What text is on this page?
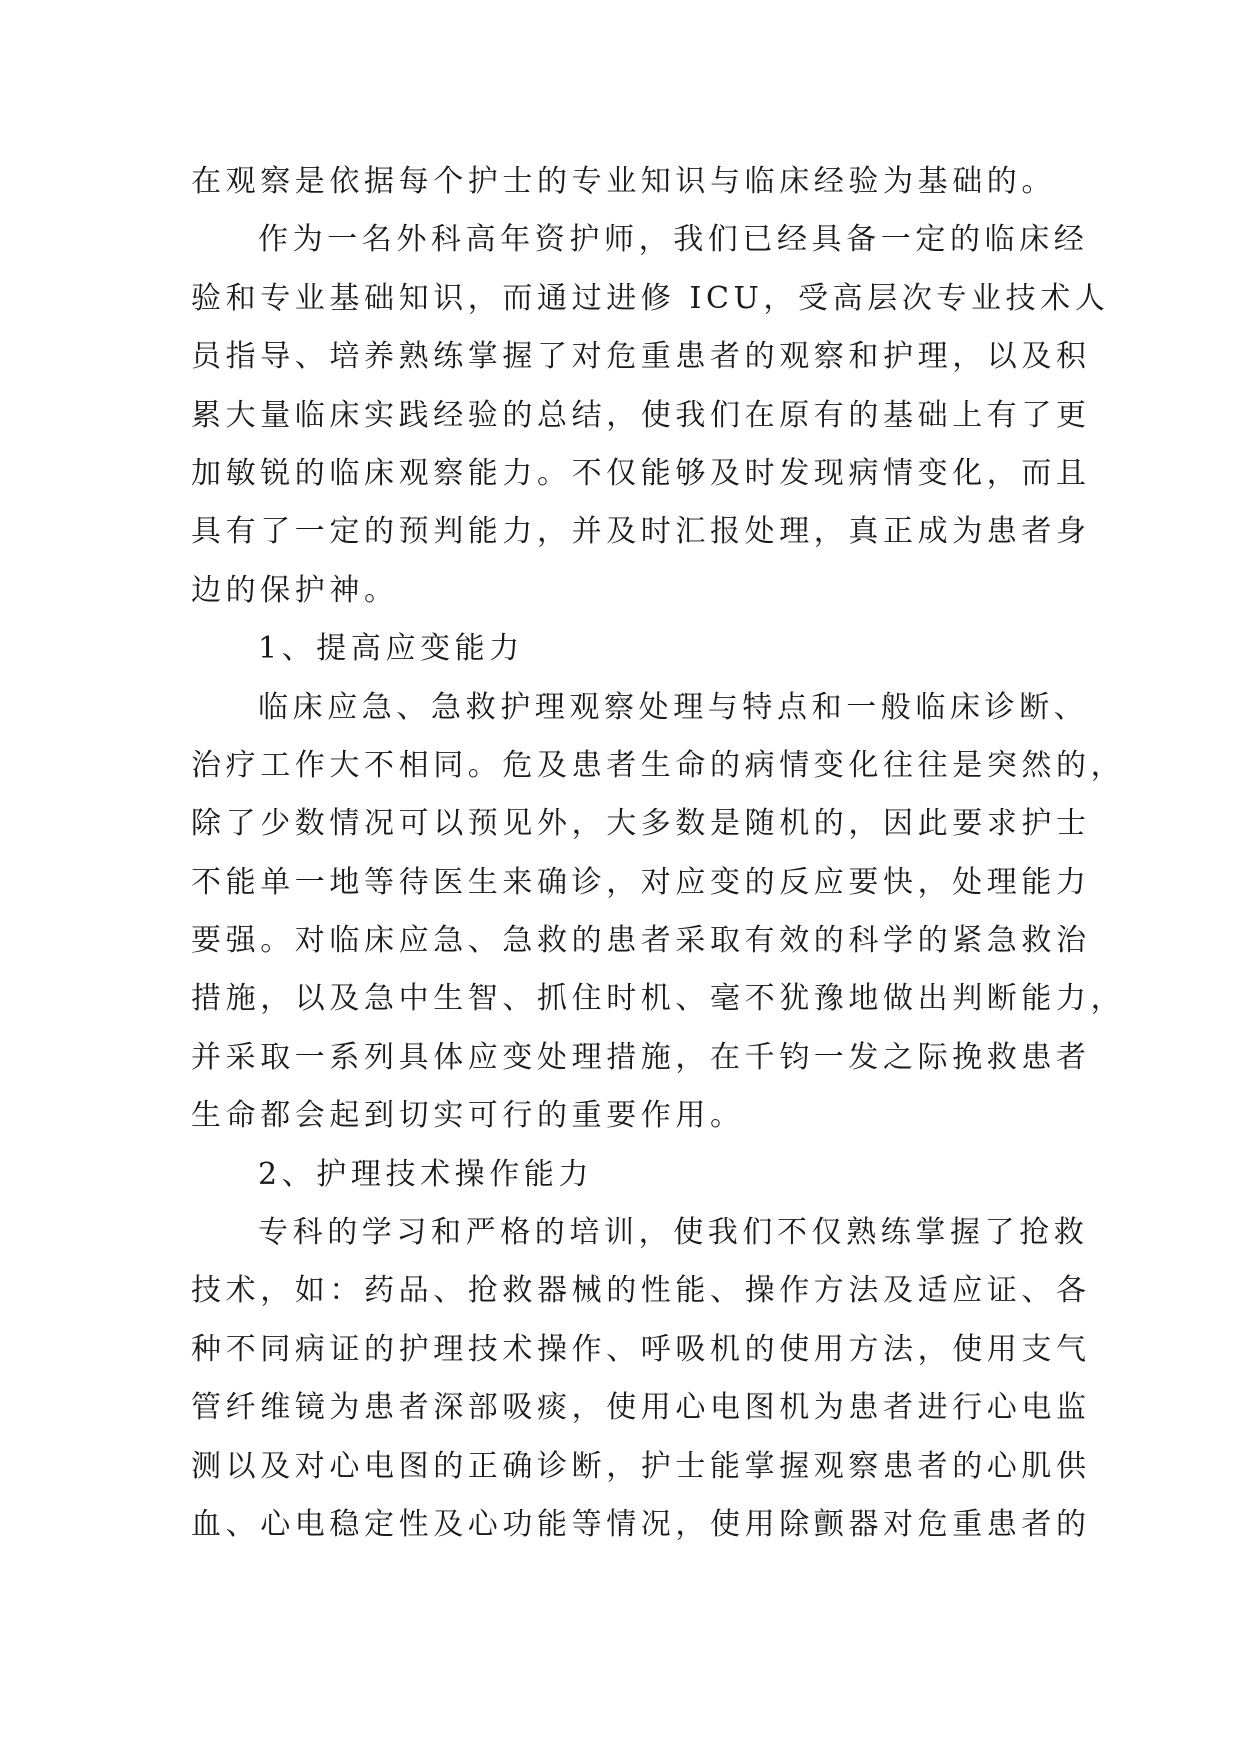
在观察是依据每个护士的专业知识与临床经验为基础的。
作为一名外科高年资护师，我们已经具备一定的临床经
验和专业基础知识，而通过进修 ICU，受高层次专业技术人
员指导、培养熟练掌握了对危重患者的观察和护理，以及积
累大量临床实践经验的总结，使我们在原有的基础上有了更
加敏锐的临床观察能力。不仅能够及时发现病情变化，而且
具有了一定的预判能力，并及时汇报处理，真正成为患者身
边的保护神。
1、提高应变能力
临床应急、急救护理观察处理与特点和一般临床诊断、
治疗工作大不相同。危及患者生命的病情变化往往是突然的，
除了少数情况可以预见外，大多数是随机的，因此要求护士
不能单一地等待医生来确诊，对应变的反应要快，处理能力
要强。对临床应急、急救的患者采取有效的科学的紧急救治
措施，以及急中生智、抓住时机、毫不犹豫地做出判断能力，
并采取一系列具体应变处理措施，在千钧一发之际挽救患者
生命都会起到切实可行的重要作用。
2、护理技术操作能力
专科的学习和严格的培训，使我们不仅熟练掌握了抢救
技术，如：药品、抢救器械的性能、操作方法及适应证、各
种不同病证的护理技术操作、呼吸机的使用方法，使用支气
管纤维镜为患者深部吸痰，使用心电图机为患者进行心电监
测以及对心电图的正确诊断，护士能掌握观察患者的心肌供
血、心电稳定性及心功能等情况，使用除颤器对危重患者的
